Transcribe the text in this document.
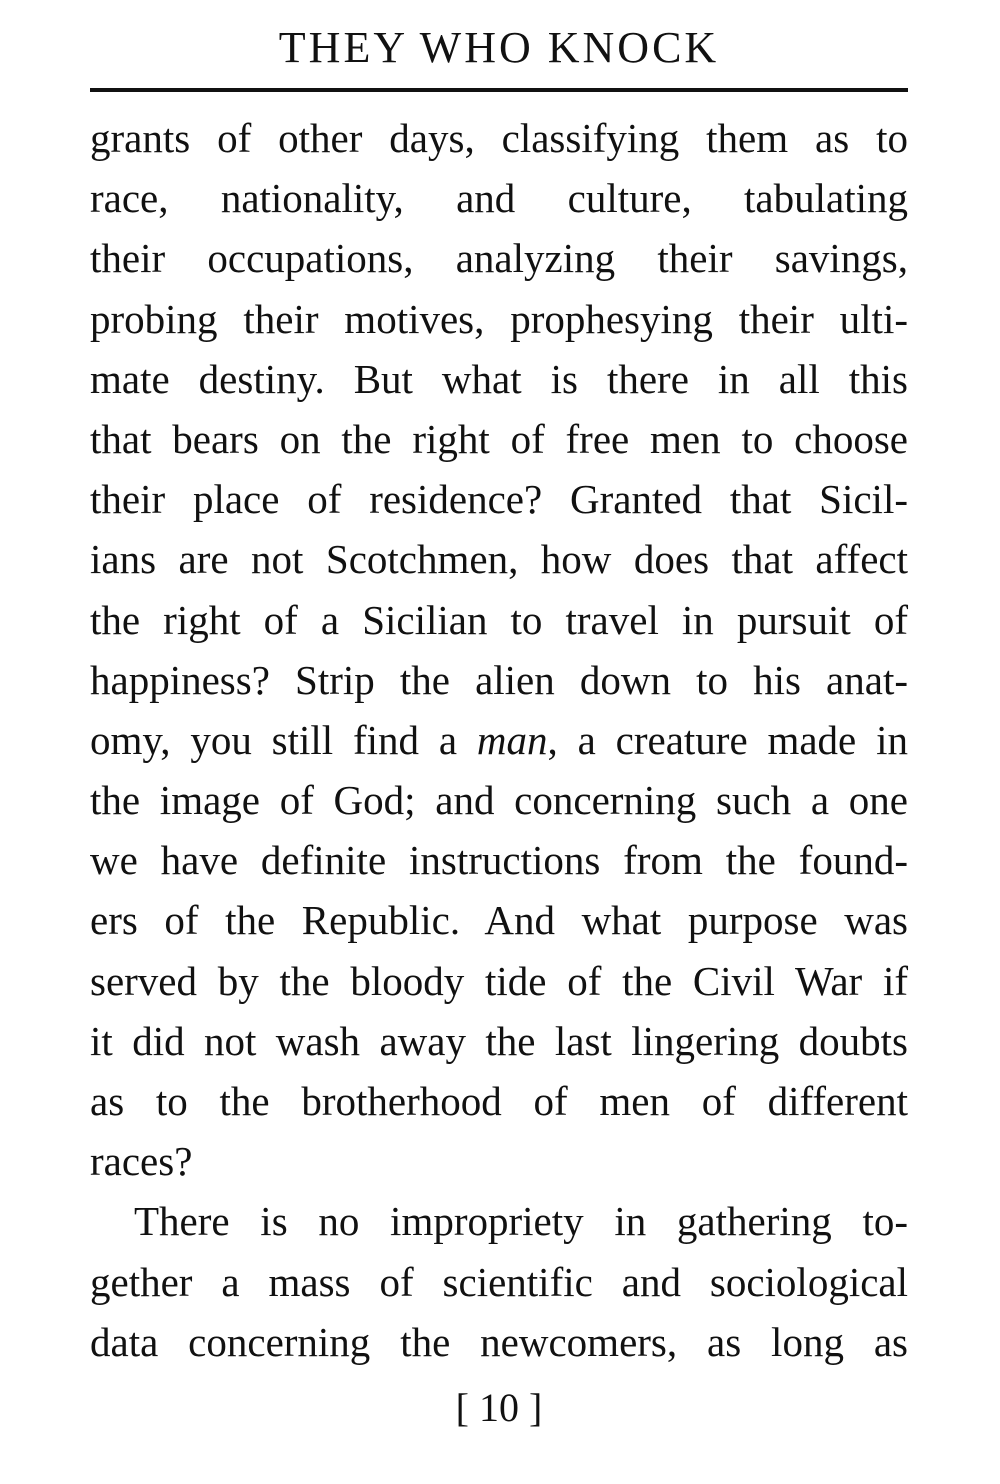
THEY WHO KNOCK
grants of other days, classifying them as to
race, nationality, and culture, tabulating
their occupations, analyzing their savings,
probing their motives, prophesying their ulti-
mate destiny. But what is there in all this
that bears on the right of free men to choose
their place of residence? Granted that Sicil-
ians are not Scotchmen, how does that affect
the right of a Sicilian to travel in pursuit of
happiness? Strip the alien down to his anat-
omy, you still find a man, a creature made in
the image of God; and concerning such a one
we have definite instructions from the found-
ers of the Republic. And what purpose was
served by the bloody tide of the Civil War if
it did not wash away the last lingering doubts
as to the brotherhood of men of different
races?
There is no impropriety in gathering to-
gether a mass of scientific and sociological
data concerning the newcomers, as long as
[ 10 ]
